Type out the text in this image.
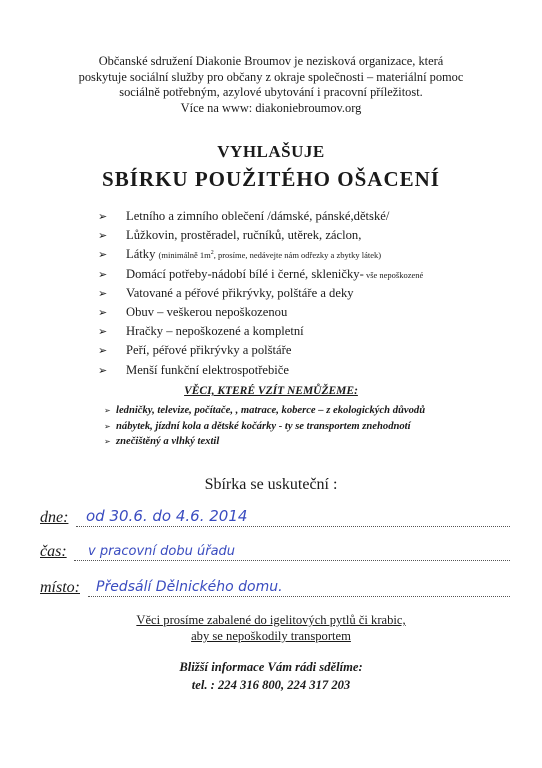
Občanské sdružení Diakonie Broumov je nezisková organizace, která
poskytuje sociální služby pro občany z okraje společnosti – materiální pomoc
sociálně potřebným, azylové ubytování i pracovní příležitost.
Více na www: diakoniebroumov.org
VYHLAŠUJE
SBÍRKU POUŽITÉHO OŠACENÍ
➢ Letního a zimního oblečení /dámské, pánské,dětské/
➢ Lůžkovin, prostěradel, ručníků, utěrek, záclon,
➢ Látky (minimálně $1m^2$, prosíme, nedávejte nám odřezky a zbytky látek)
➢ Domácí potřeby-nádobí bílé i černé, skleničky- vše nepoškozené
➢ Vatované a péřové přikrývky, polštáře a deky
➢ Obuv – veškerou nepoškozenou
➢ Hračky – nepoškozené a kompletní
➢ Peří, péřové přikrývky a polštáře
➢ Menší funkční elektrospotřebiče
VĚCI, KTERÉ VZÍT NEMŮŽEME:
➢ ledničky, televize, počítače, , matrace, koberce – z ekologických důvodů
➢ nábytek, jízdní kola a dětské kočárky - ty se transportem znehodnotí
➢ znečištěný a vlhký textil
Sbírka se uskuteční :
dne: od 30.6. do 4.6. 2014
čas: v pracovní dobu úřadu
místo: Předsálí Dělnického domu.
Věci prosíme zabalené do igelitových pytlů či krabic,
aby se nepoškodily transportem
Bližší informace Vám rádi sdělíme:
tel. : 224 316 800, 224 317 203
